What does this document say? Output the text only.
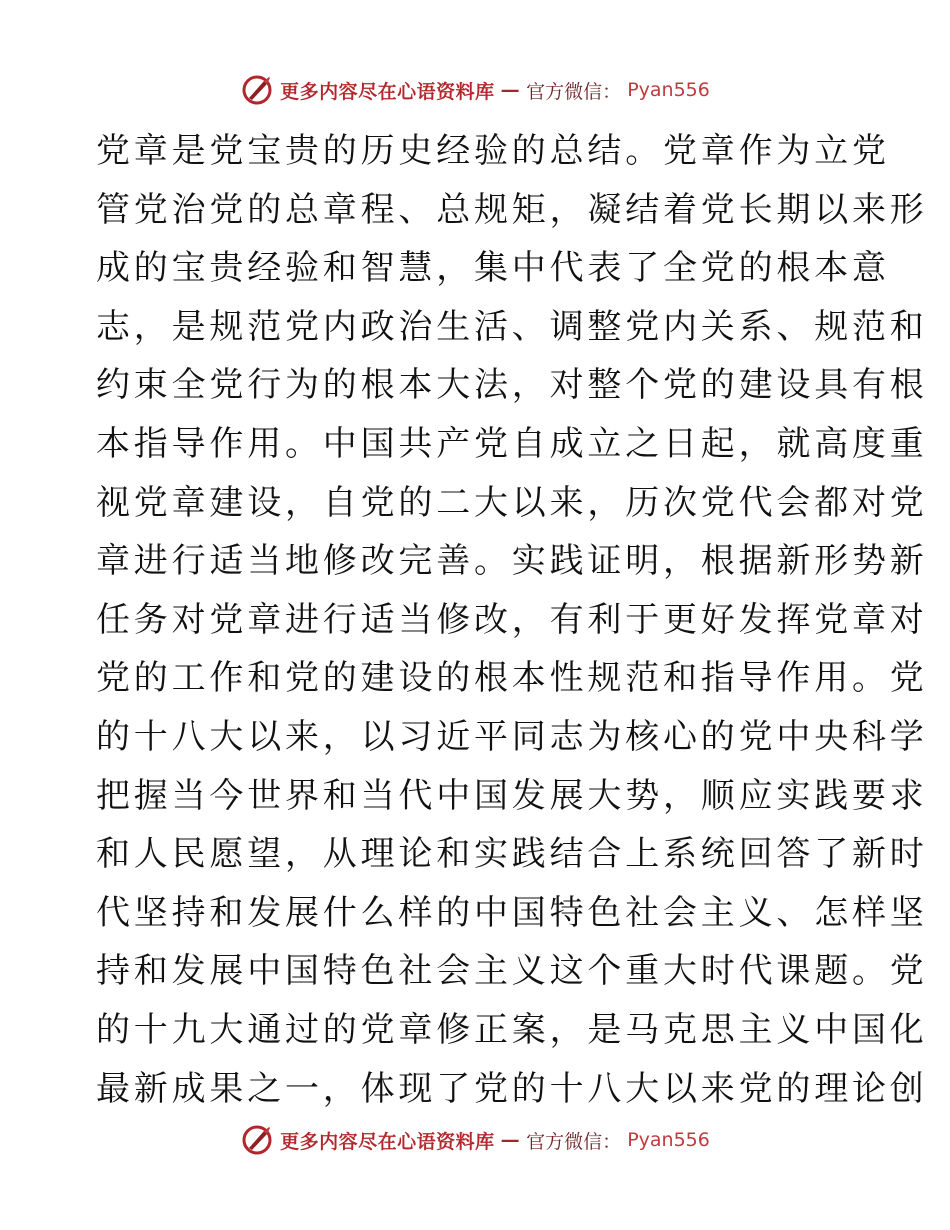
更多内容尽在心语资料库 — 官方微信： Pyan556
党章是党宝贵的历史经验的总结。党章作为立党
管党治党的总章程、总规矩，凝结着党长期以来形
成的宝贵经验和智慧，集中代表了全党的根本意
志，是规范党内政治生活、调整党内关系、规范和
约束全党行为的根本大法，对整个党的建设具有根
本指导作用。中国共产党自成立之日起，就高度重
视党章建设，自党的二大以来，历次党代会都对党
章进行适当地修改完善。实践证明，根据新形势新
任务对党章进行适当修改，有利于更好发挥党章对
党的工作和党的建设的根本性规范和指导作用。党
的十八大以来，以习近平同志为核心的党中央科学
把握当今世界和当代中国发展大势，顺应实践要求
和人民愿望，从理论和实践结合上系统回答了新时
代坚持和发展什么样的中国特色社会主义、怎样坚
持和发展中国特色社会主义这个重大时代课题。党
的十九大通过的党章修正案，是马克思主义中国化
最新成果之一，体现了党的十八大以来党的理论创
更多内容尽在心语资料库 — 官方微信： Pyan556
